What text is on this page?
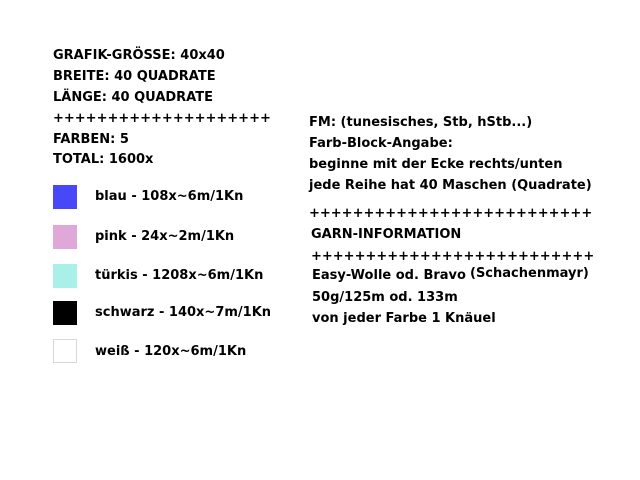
GRAFIK-GRÖSSE: 40x40
BREITE: 40 QUADRATE
LÄNGE: 40 QUADRATE
++++++++++++++++++++
FARBEN: 5
TOTAL: 1600x
blau - 108x~6m/1Kn
pink - 24x~2m/1Kn
türkis - 1208x~6m/1Kn
schwarz - 140x~7m/1Kn
weiß - 120x~6m/1Kn
FM: (tunesisches, Stb, hStb...)
Farb-Block-Angabe:
beginne mit der Ecke rechts/unten
jede Reihe hat 40 Maschen (Quadrate)
++++++++++++++++++++++++++
GARN-INFORMATION
++++++++++++++++++++++++++
Easy-Wolle od. Bravo (Schachenmayr)
50g/125m od. 133m
von jeder Farbe 1 Knäuel
